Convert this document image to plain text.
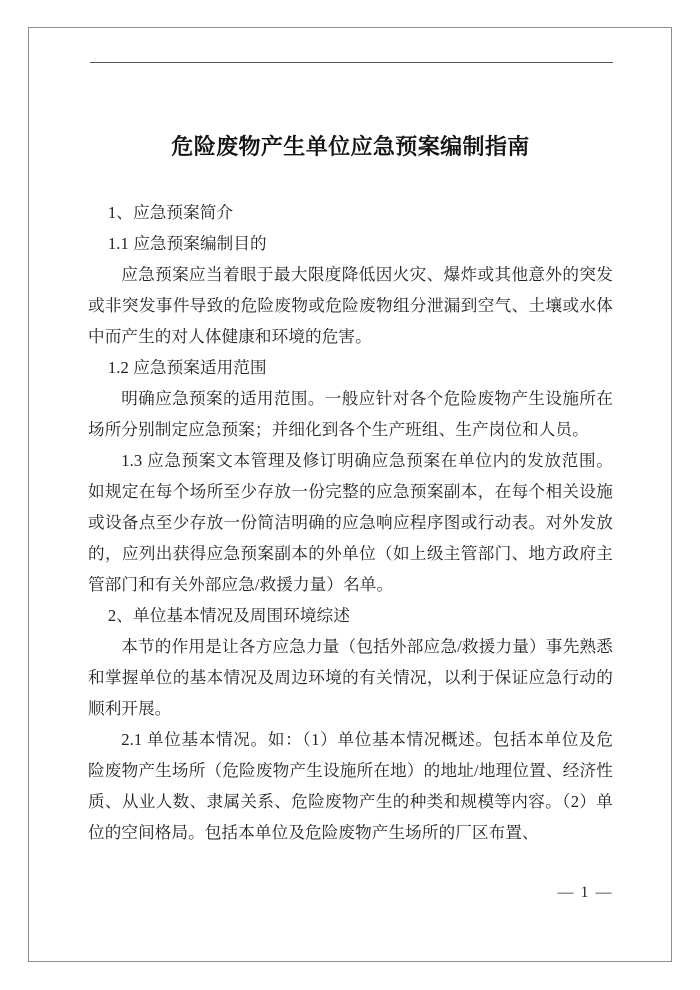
危险废物产生单位应急预案编制指南

1、应急预案简介

1.1 应急预案编制目的

应急预案应当着眼于最大限度降低因火灾、爆炸或其他意外的突发或非突发事件导致的危险废物或危险废物组分泄漏到空气、土壤或水体中而产生的对人体健康和环境的危害。

1.2 应急预案适用范围

明确应急预案的适用范围。一般应针对各个危险废物产生设施所在场所分别制定应急预案；并细化到各个生产班组、生产岗位和人员。

1.3 应急预案文本管理及修订明确应急预案在单位内的发放范围。如规定在每个场所至少存放一份完整的应急预案副本，在每个相关设施或设备点至少存放一份简洁明确的应急响应程序图或行动表。对外发放的，应列出获得应急预案副本的外单位（如上级主管部门、地方政府主管部门和有关外部应急/救援力量）名单。

2、单位基本情况及周围环境综述

本节的作用是让各方应急力量（包括外部应急/救援力量）事先熟悉和掌握单位的基本情况及周边环境的有关情况，以利于保证应急行动的顺利开展。

2.1 单位基本情况。如：（1）单位基本情况概述。包括本单位及危险废物产生场所（危险废物产生设施所在地）的地址/地理位置、经济性质、从业人数、隶属关系、危险废物产生的种类和规模等内容。（2）单位的空间格局。包括本单位及危险废物产生场所的厂区布置、

— 1 —
